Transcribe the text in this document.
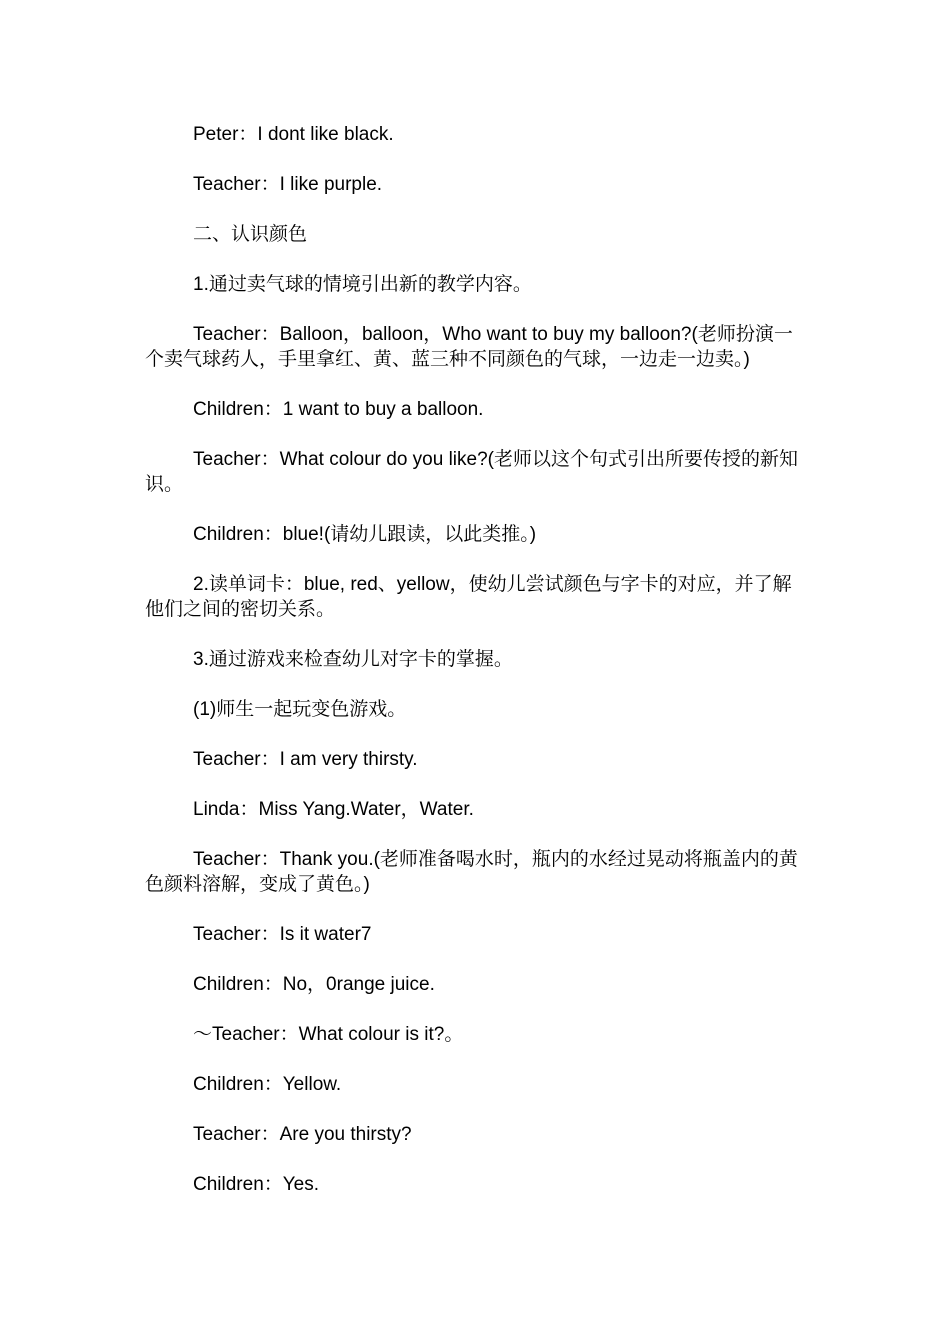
Peter：I dont like black.

Teacher：I like purple.

二、认识颜色

1.通过卖气球的情境引出新的教学内容。

Teacher：Balloon，balloon，Who want to buy my balloon?(老师扮演一个卖气球药人，手里拿红、黄、蓝三种不同颜色的气球，一边走一边卖。)

Children：1 want to buy a balloon.

Teacher：What colour do you like?(老师以这个句式引出所要传授的新知识。

Children：blue!(请幼儿跟读，以此类推。)

2.读单词卡：blue, red、yellow，使幼儿尝试颜色与字卡的对应，并了解他们之间的密切关系。

3.通过游戏来检查幼儿对字卡的掌握。

(1)师生一起玩变色游戏。

Teacher：I am very thirsty.

Linda：Miss Yang.Water，Water.

Teacher：Thank you.(老师准备喝水时，瓶内的水经过晃动将瓶盖内的黄色颜料溶解，变成了黄色。)

Teacher：Is it water7

Children：No，0range juice.

～Teacher：What colour is it?。

Children：Yellow.

Teacher：Are you thirsty?

Children：Yes.
